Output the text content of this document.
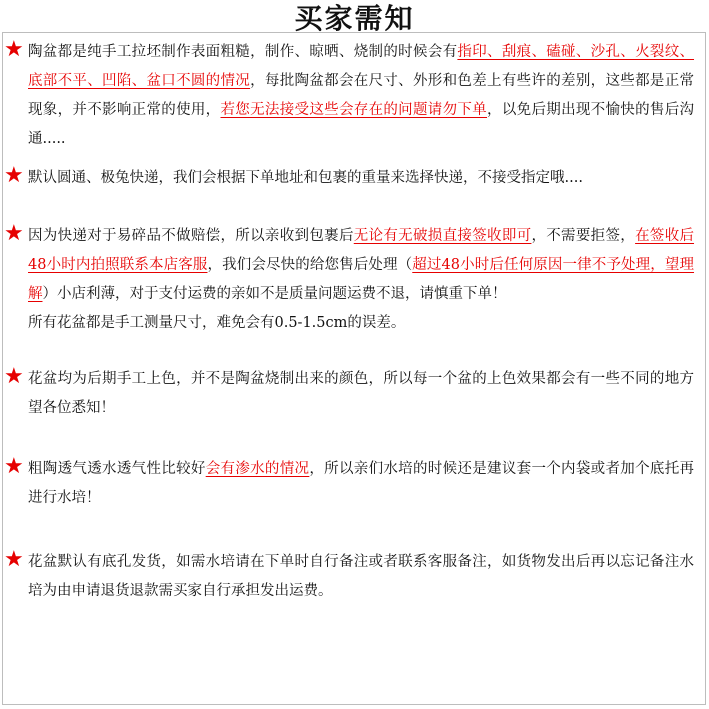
买家需知
★ 陶盆都是纯手工拉坯制作表面粗糙，制作、晾晒、烧制的时候会有指印、刮痕、磕碰、沙孔、火裂纹、底部不平、凹陷、盆口不圆的情况，每批陶盆都会在尺寸、外形和色差上有些许的差别，这些都是正常现象，并不影响正常的使用，若您无法接受这些会存在的问题请勿下单，以免后期出现不愉快的售后沟通.....
★ 默认圆通、极兔快递，我们会根据下单地址和包裹的重量来选择快递，不接受指定哦....
★ 因为快递对于易碎品不做赔偿，所以亲收到包裹后无论有无破损直接签收即可，不需要拒签，在签收后48小时内拍照联系本店客服，我们会尽快的给您售后处理（超过48小时后任何原因一律不予处理，望理解）小店利薄，对于支付运费的亲如不是质量问题运费不退，请慎重下单！
所有花盆都是手工测量尺寸，难免会有0.5-1.5cm的误差。
★ 花盆均为后期手工上色，并不是陶盆烧制出来的颜色，所以每一个盆的上色效果都会有一些不同的地方望各位悉知！
★ 粗陶透气透水透气性比较好会有渗水的情况，所以亲们水培的时候还是建议套一个内袋或者加个底托再进行水培！
★ 花盆默认有底孔发货，如需水培请在下单时自行备注或者联系客服备注，如货物发出后再以忘记备注水培为由申请退货退款需买家自行承担发出运费。
